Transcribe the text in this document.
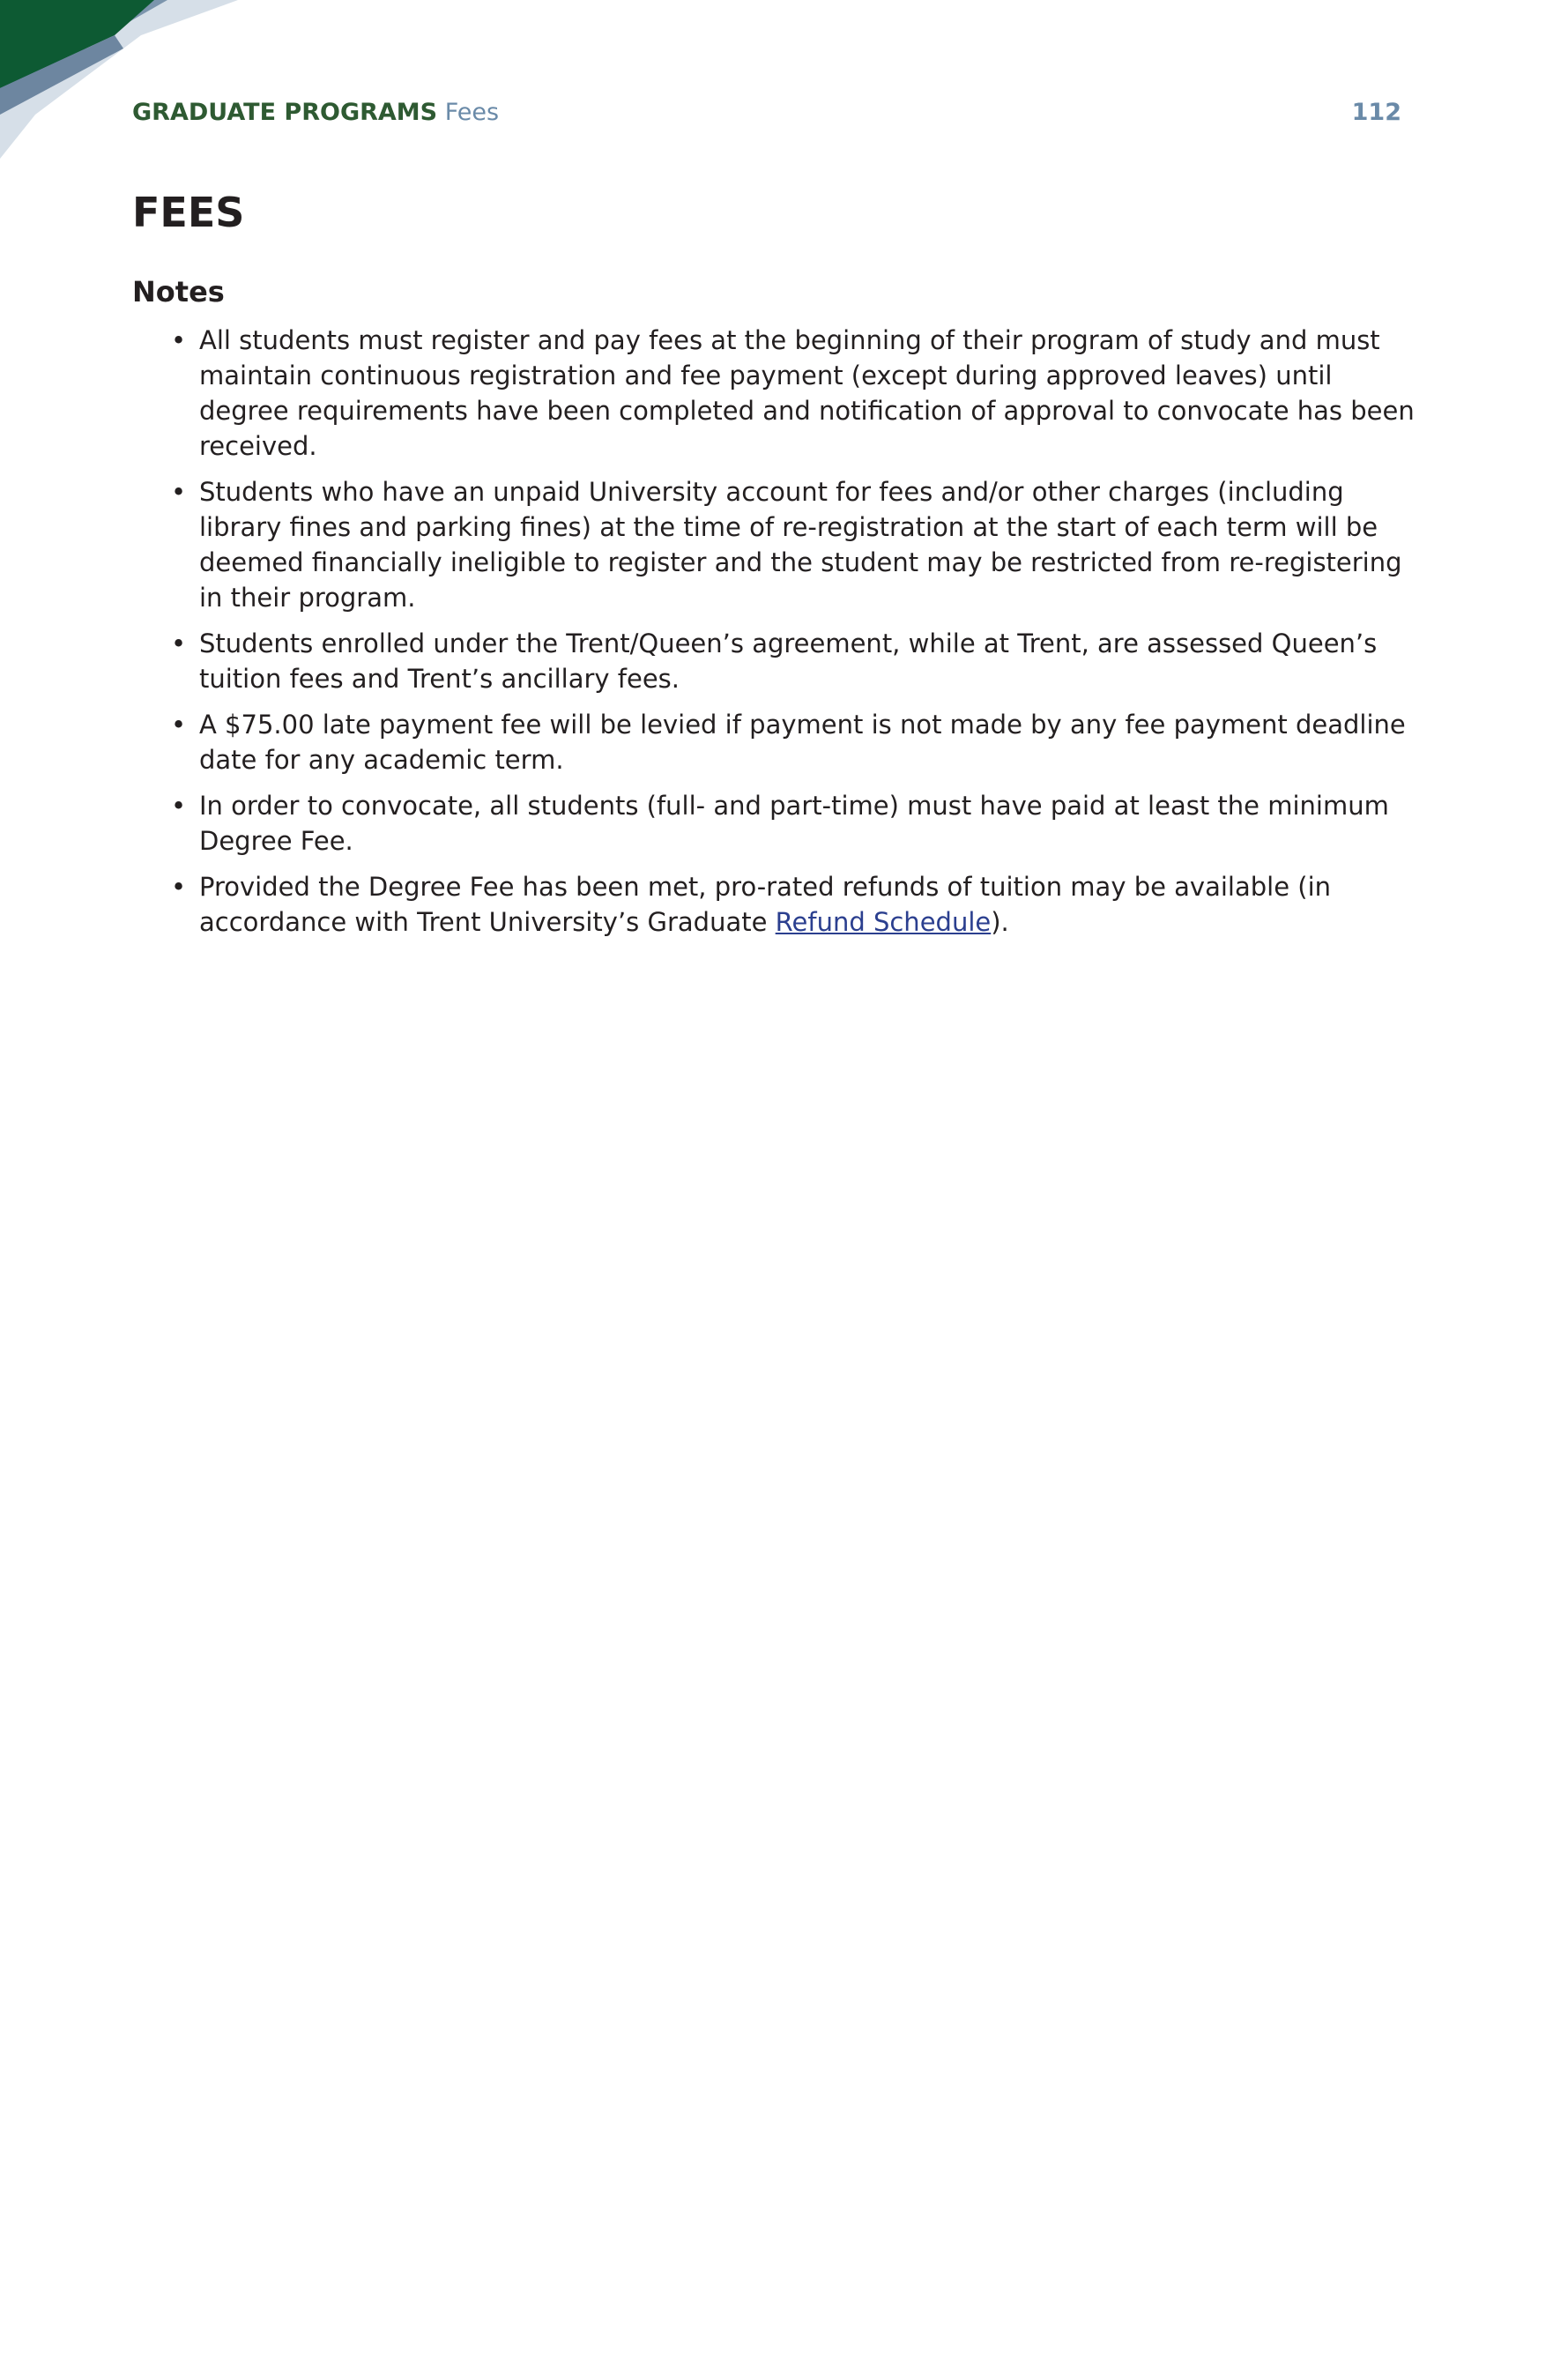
GRADUATE PROGRAMS Fees	112
FEES
Notes
• All students must register and pay fees at the beginning of their program of study and must maintain continuous registration and fee payment (except during approved leaves) until degree requirements have been completed and notification of approval to convocate has been received.
• Students who have an unpaid University account for fees and/or other charges (including library fines and parking fines) at the time of re-registration at the start of each term will be deemed financially ineligible to register and the student may be restricted from re-registering in their program.
• Students enrolled under the Trent/Queen’s agreement, while at Trent, are assessed Queen’s tuition fees and Trent’s ancillary fees.
• A $75.00 late payment fee will be levied if payment is not made by any fee payment deadline date for any academic term.
• In order to convocate, all students (full- and part-time) must have paid at least the minimum Degree Fee.
• Provided the Degree Fee has been met, pro-rated refunds of tuition may be available (in accordance with Trent University’s Graduate Refund Schedule).
